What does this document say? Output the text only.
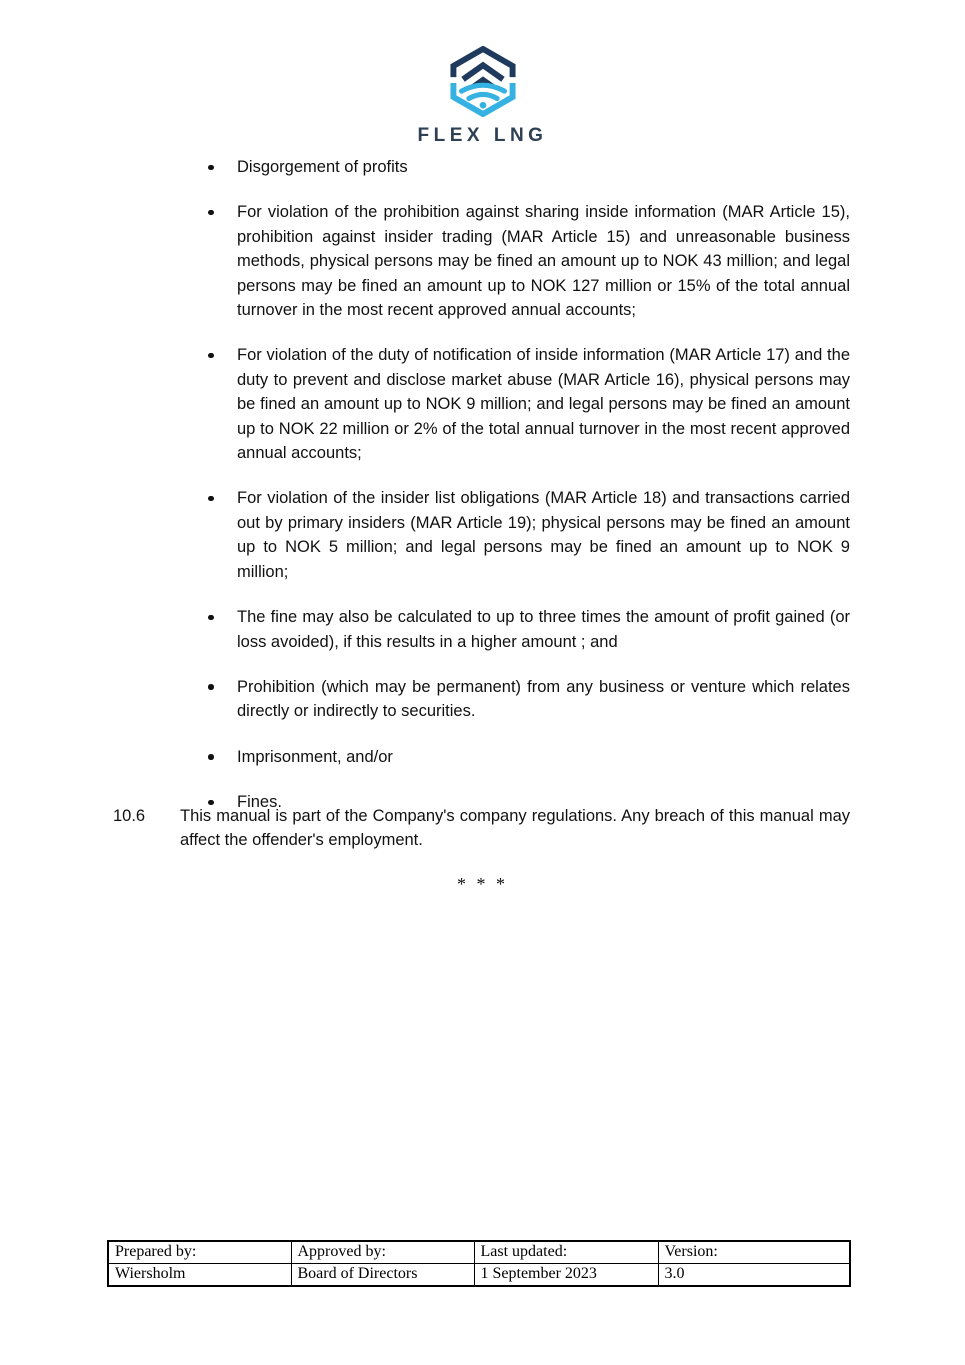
FLEX LNG
Disgorgement of profits
For violation of the prohibition against sharing inside information (MAR Article 15), prohibition against insider trading (MAR Article 15) and unreasonable business methods, physical persons may be fined an amount up to NOK 43 million; and legal persons may be fined an amount up to NOK 127 million or 15% of the total annual turnover in the most recent approved annual accounts;
For violation of the duty of notification of inside information (MAR Article 17) and the duty to prevent and disclose market abuse (MAR Article 16), physical persons may be fined an amount up to NOK 9 million; and legal persons may be fined an amount up to NOK 22 million or 2% of the total annual turnover in the most recent approved annual accounts;
For violation of the insider list obligations (MAR Article 18) and transactions carried out by primary insiders (MAR Article 19); physical persons may be fined an amount up to NOK 5 million; and legal persons may be fined an amount up to NOK 9 million;
The fine may also be calculated to up to three times the amount of profit gained (or loss avoided), if this results in a higher amount ; and
Prohibition (which may be permanent) from any business or venture which relates directly or indirectly to securities.
Imprisonment, and/or
Fines.
10.6	This manual is part of the Company's company regulations. Any breach of this manual may affect the offender's employment.
* * *
Prepared by:	Approved by:	Last updated:	Version:
Wiersholm	Board of Directors	1 September 2023	3.0
